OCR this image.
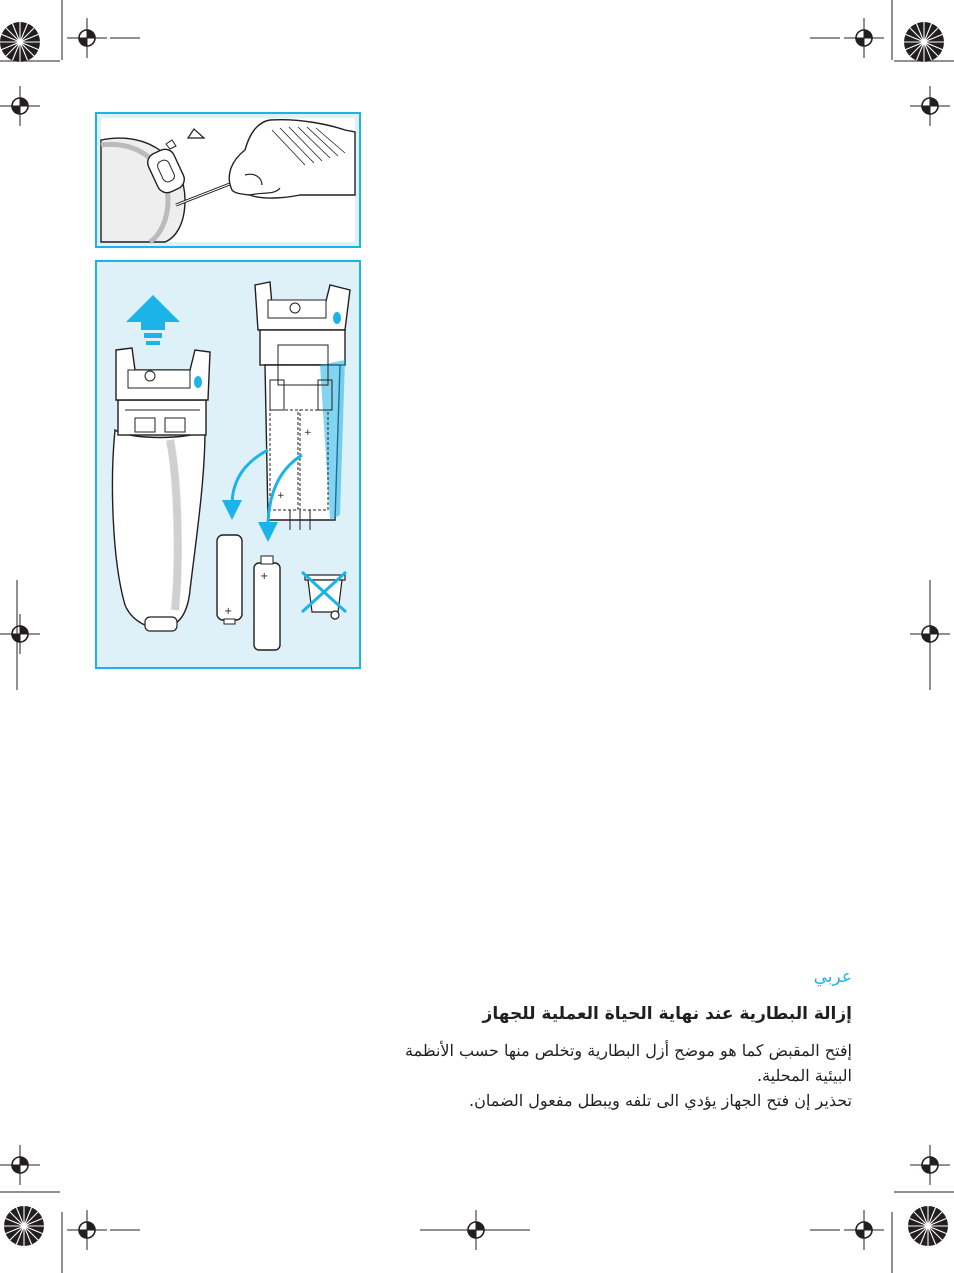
+
+
+
+

عربي

إزالة البطارية عند نهاية الحياة العملية للجهاز

إفتح المقبض كما هو موضح أزل البطارية وتخلص منها حسب الأنظمة

البيئية المحلية.

تحذير إن فتح الجهاز يؤدي الى تلفه ويبطل مفعول الضمان.
